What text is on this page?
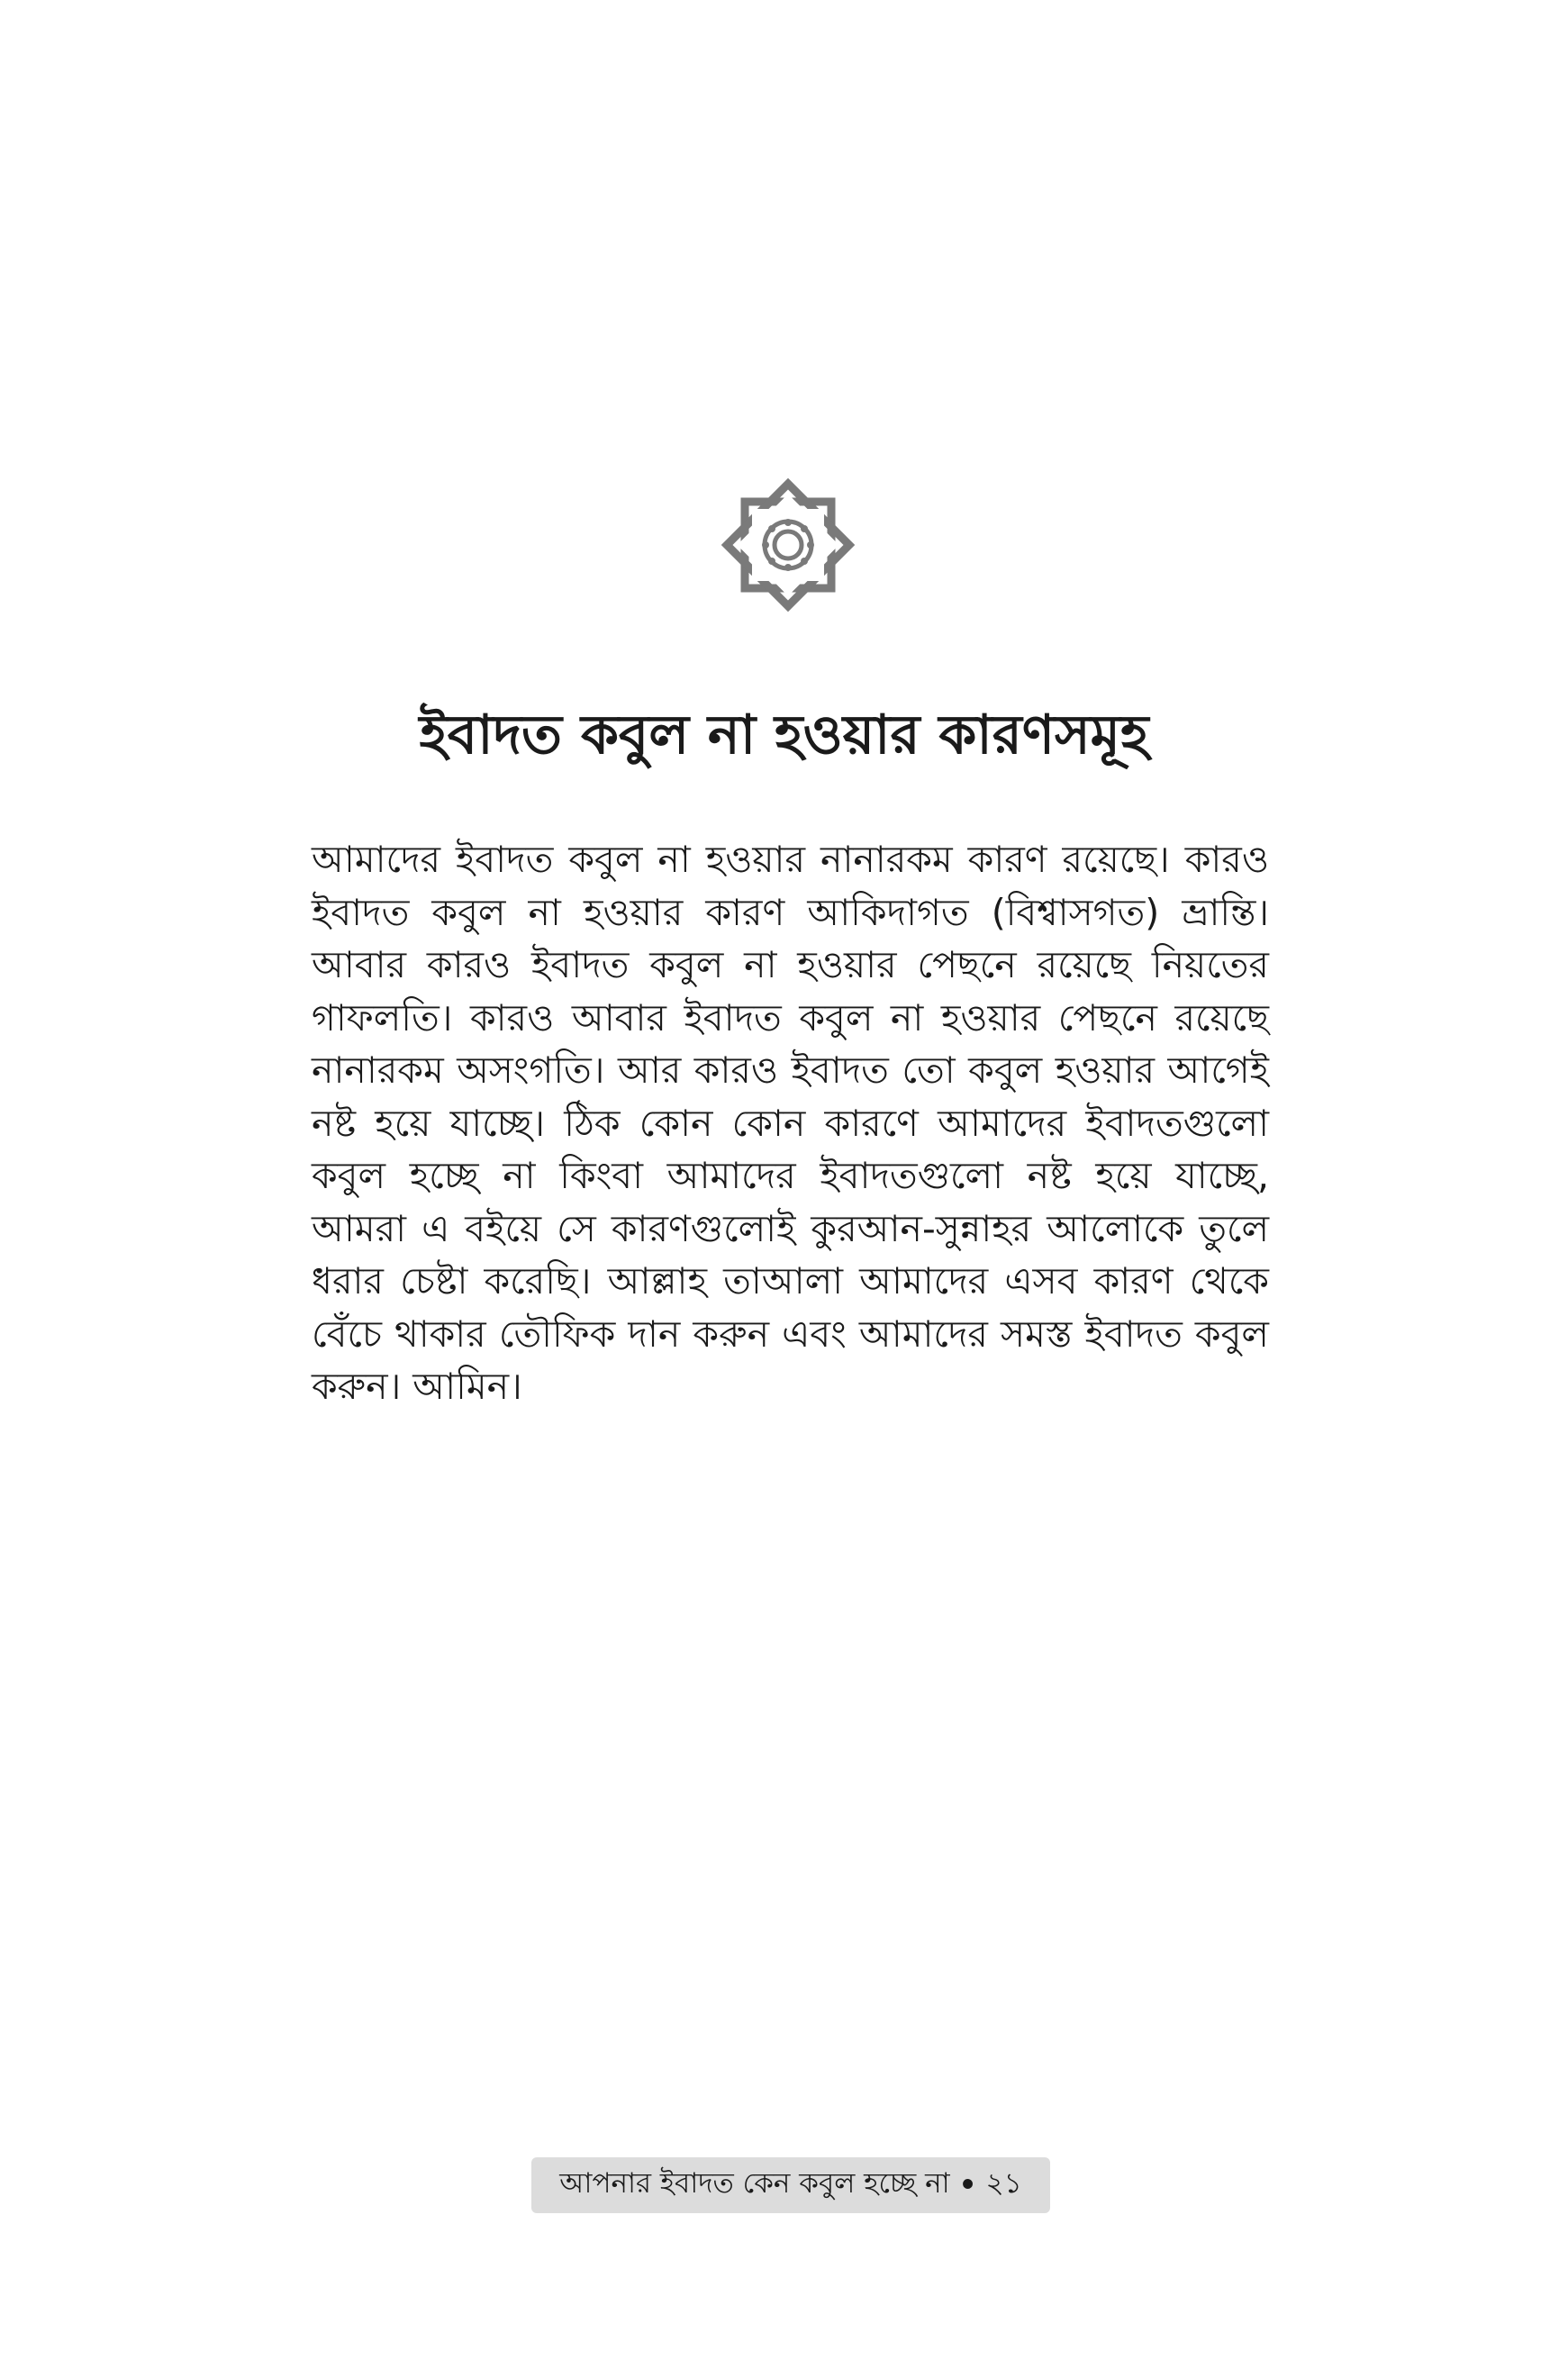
ইবাদত কবুল না হওয়ার কারণসমূহ

আমাদের ইবাদত কবুল না হওয়ার নানারকম কারণ রয়েছে। কারও ইবাদত কবুল না হওয়ার কারণ আকিদাগত (বিশ্বাসগত) ভ্রান্তি। আবার কারও ইবাদত কবুল না হওয়ার পেছনে রয়েছে নিয়তের গাফলতি। কারও আবার ইবাদত কবুল না হওয়ার পেছনে রয়েছে নানারকম অসংগতি। আর কারও ইবাদত তো কবুল হওয়ার আগেই নষ্ট হয়ে যাচ্ছে। ঠিক কোন কোন কারণে আমাদের ইবাদতগুলো কবুল হচ্ছে না কিংবা আমাদের ইবাদতগুলো নষ্ট হয়ে যাচ্ছে, আমরা এ বইয়ে সে কারণগুলোই কুরআন-সুন্নাহর আলোকে তুলে ধরার চেষ্টা করেছি। আল্লাহ তাআলা আমাদের এসব কারণ থেকে বেঁচে থাকার তৌফিক দান করুন এবং আমাদের সমস্ত ইবাদত কবুল করুন। আমিন।

আপনার ইবাদত কেন কবুল হচ্ছে না • ২১
